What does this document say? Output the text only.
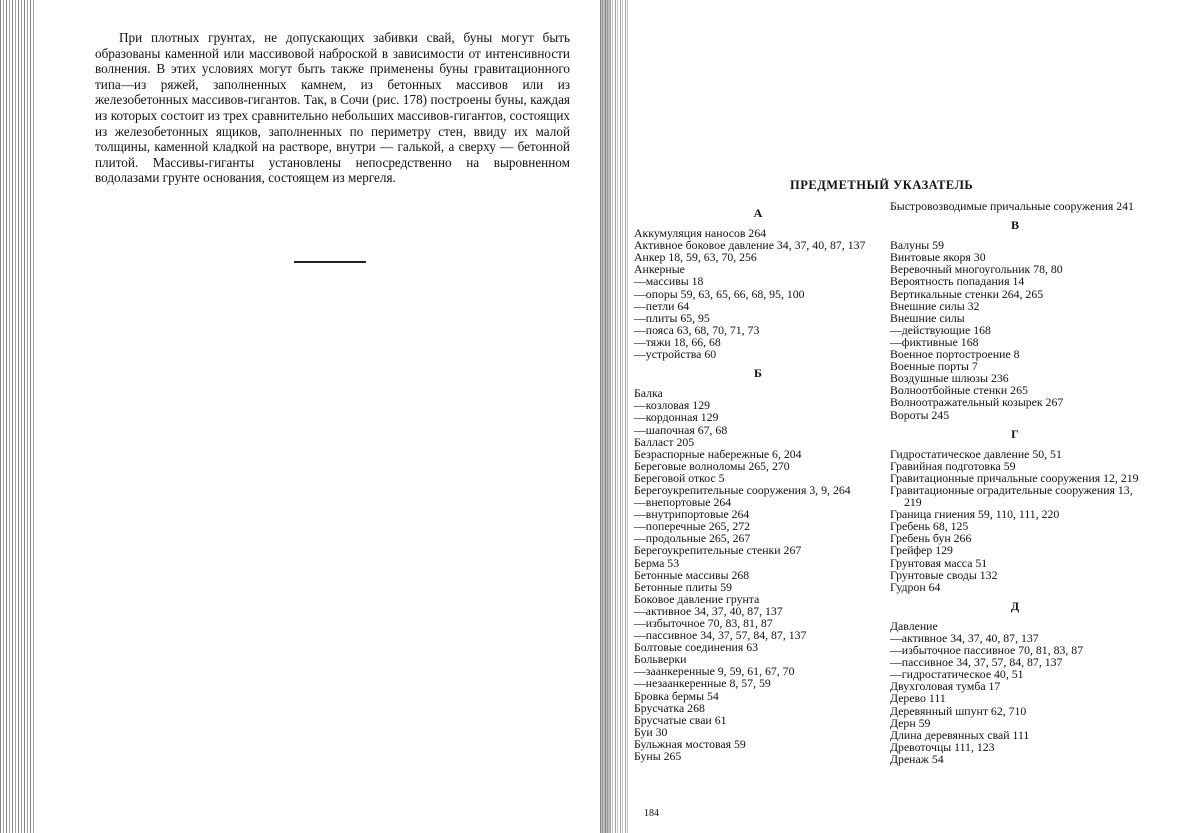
При плотных грунтах, не допускающих забивки свай, буны могут быть образованы каменной или массивовой наброской в зависимости от интенсивности волнения. В этих условиях могут быть также применены буны гравитационного типа—из ряжей, заполненных камнем, из бетонных массивов или из железобетонных массивов-гигантов. Так, в Сочи (рис. 178) построены буны, каждая из которых состоит из трех сравнительно небольших массивов-гигантов, состоящих из железобетонных ящиков, заполненных по периметру стен, ввиду их малой толщины, каменной кладкой на растворе, внутри — галькой, а сверху — бетонной плитой. Массивы-гиганты установлены непосредственно на выровненном водолазами грунте основания, состоящем из мергеля.	ПРЕДМЕТНЫЙ УКАЗАТЕЛЬ
А
Аккумуляция наносов 264
Активное боковое давление 34, 37, 40, 87, 137
Анкер 18, 59, 63, 70, 256
Анкерные
—массивы 18
—опоры 59, 63, 65, 66, 68, 95, 100
—петли 64
—плиты 65, 95
—пояса 63, 68, 70, 71, 73
—тяжи 18, 66, 68
—устройства 60
Б
Балка
—козловая 129
—кордонная 129
—шапочная 67, 68
Балласт 205
Безраспорные набережные 6, 204
Береговые волноломы 265, 270
Береговой откос 5
Берегоукрепительные сооружения 3, 9, 264
—внепортовые 264
—внутрипортовые 264
—поперечные 265, 272
—продольные 265, 267
Берегоукрепительные стенки 267
Берма 53
Бетонные массивы 268
Бетонные плиты 59
Боковое давление грунта
—активное 34, 37, 40, 87, 137
—избыточное 70, 83, 81, 87
—пассивное 34, 37, 57, 84, 87, 137
Болтовые соединения 63
Больверки
—заанкеренные 9, 59, 61, 67, 70
—незаанкеренные 8, 57, 59
Бровка бермы 54
Брусчатка 268
Брусчатые сваи 61
Буи 30
Бульжная мостовая 59
Буны 265
Быстровозводимые причальные сооружения 241
В
Валуны 59
Винтовые якоря 30
Веревочный многоугольник 78, 80
Вероятность попадания 14
Вертикальные стенки 264, 265
Внешние силы 32
Внешние силы
—действующие 168
—фиктивные 168
Военное портостроение 8
Военные порты 7
Воздушные шлюзы 236
Волноотбойные стенки 265
Волноотражательный козырек 267
Вороты 245
Г
Гидростатическое давление 50, 51
Гравийная подготовка 59
Гравитационные причальные сооружения 12, 219
Гравитационные оградительные сооружения 13, 219
Граница гниения 59, 110, 111, 220
Гребень 68, 125
Гребень бун 266
Грейфер 129
Грунтовая масса 51
Грунтовые своды 132
Гудрон 64
Д
Давление
—активное 34, 37, 40, 87, 137
—избыточное пассивное 70, 81, 83, 87
—пассивное 34, 37, 57, 84, 87, 137
—гидростатическое 40, 51
Двухголовая тумба 17
Дерево 111
Деревянный шпунт 62, 710
Дерн 59
Длина деревянных свай 111
Древоточцы 111, 123
Дренаж 54
184
